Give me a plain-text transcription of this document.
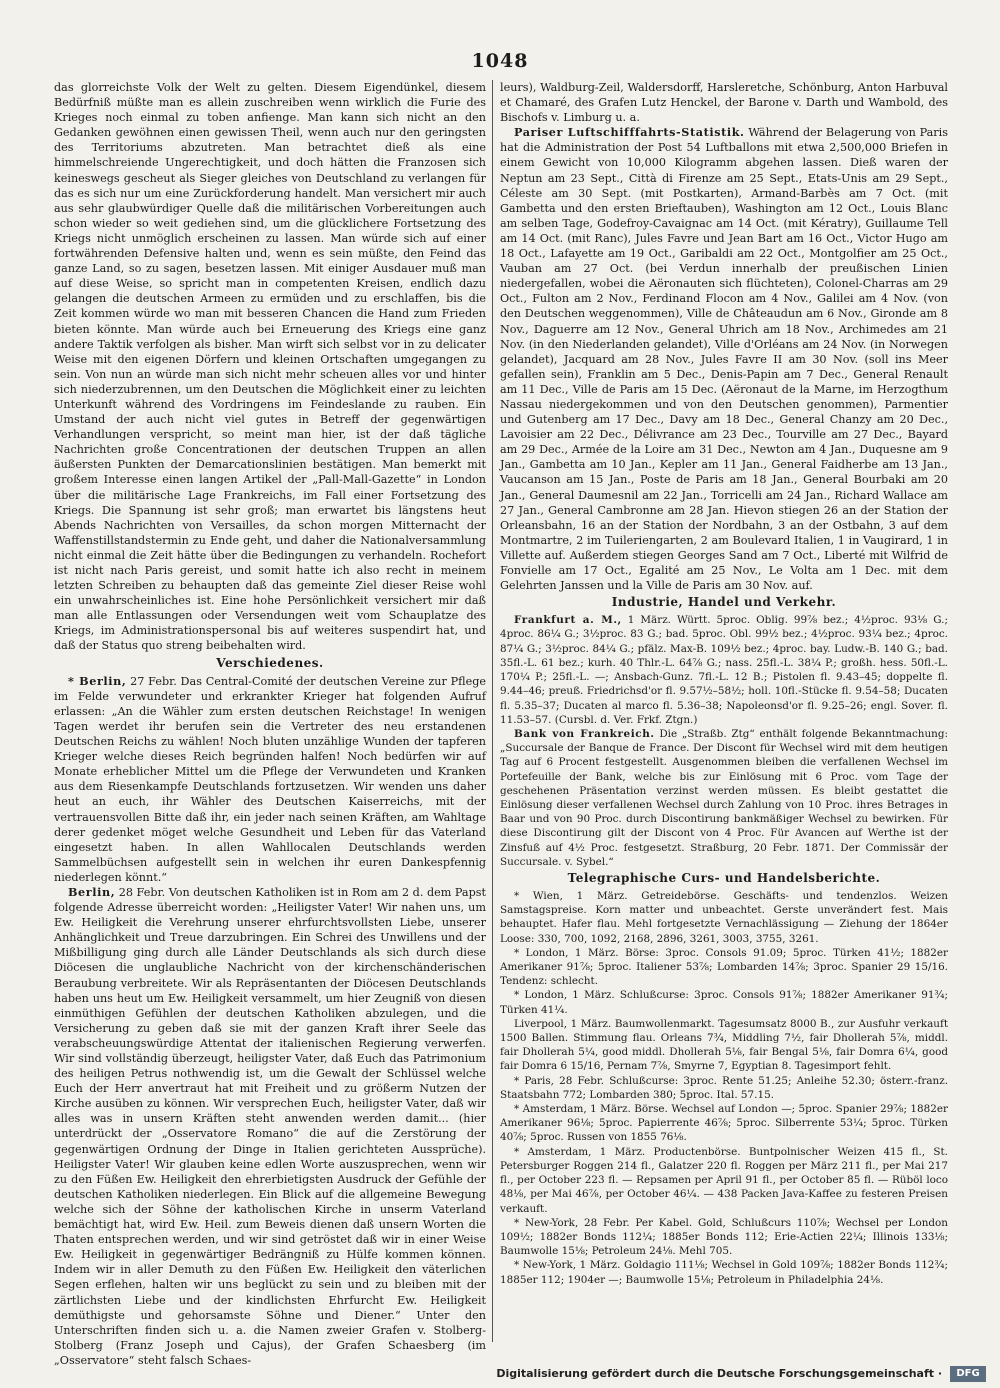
1048

das glorreichste Volk der Welt zu gelten. Diesem Eigendünkel, diesem Bedürfniß müßte man es allein zuschreiben wenn wirklich die Furie des Krieges noch einmal zu toben anfienge. Man kann sich nicht an den Gedanken gewöhnen einen gewissen Theil, wenn auch nur den geringsten des Territoriums abzutreten. Man betrachtet dieß als eine himmelschreiende Ungerechtigkeit, und doch hätten die Franzosen sich keineswegs gescheut als Sieger gleiches von Deutschland zu verlangen für das es sich nur um eine Zurückforderung handelt. Man versichert mir auch aus sehr glaubwürdiger Quelle daß die militärischen Vorbereitungen auch schon wieder so weit gediehen sind, um die glücklichere Fortsetzung des Kriegs nicht unmöglich erscheinen zu lassen. Man würde sich auf einer fortwährenden Defensive halten und, wenn es sein müßte, den Feind das ganze Land, so zu sagen, besetzen lassen. Mit einiger Ausdauer muß man auf diese Weise, so spricht man in competenten Kreisen, endlich dazu gelangen die deutschen Armeen zu ermüden und zu erschlaffen, bis die Zeit kommen würde wo man mit besseren Chancen die Hand zum Frieden bieten könnte. Man würde auch bei Erneuerung des Kriegs eine ganz andere Taktik verfolgen als bisher. Man wirft sich selbst vor in zu delicater Weise mit den eigenen Dörfern und kleinen Ortschaften umgegangen zu sein. Von nun an würde man sich nicht mehr scheuen alles vor und hinter sich niederzubrennen, um den Deutschen die Möglichkeit einer zu leichten Unterkunft während des Vordringens im Feindeslande zu rauben. Ein Umstand der auch nicht viel gutes in Betreff der gegenwärtigen Verhandlungen verspricht, so meint man hier, ist der daß tägliche Nachrichten große Concentrationen der deutschen Truppen an allen äußersten Punkten der Demarcationslinien bestätigen. Man bemerkt mit großem Interesse einen langen Artikel der „Pall-Mall-Gazette“ in London über die militärische Lage Frankreichs, im Fall einer Fortsetzung des Kriegs. Die Spannung ist sehr groß; man erwartet bis längstens heut Abends Nachrichten von Versailles, da schon morgen Mitternacht der Waffenstillstandstermin zu Ende geht, und daher die Nationalversammlung nicht einmal die Zeit hätte über die Bedingungen zu verhandeln. Rochefort ist nicht nach Paris gereist, und somit hatte ich also recht in meinem letzten Schreiben zu behaupten daß das gemeinte Ziel dieser Reise wohl ein unwahrscheinliches ist. Eine hohe Persönlichkeit versichert mir daß man alle Entlassungen oder Versendungen weit vom Schauplatze des Kriegs, im Administrationspersonal bis auf weiteres suspendirt hat, und daß der Status quo streng beibehalten wird.

Verschiedenes.

* Berlin, 27 Febr. Das Central-Comité der deutschen Vereine zur Pflege im Felde verwundeter und erkrankter Krieger hat folgenden Aufruf erlassen: „An die Wähler zum ersten deutschen Reichstage! In wenigen Tagen werdet ihr berufen sein die Vertreter des neu erstandenen Deutschen Reichs zu wählen! Noch bluten unzählige Wunden der tapferen Krieger welche dieses Reich begründen halfen! Noch bedürfen wir auf Monate erheblicher Mittel um die Pflege der Verwundeten und Kranken aus dem Riesenkampfe Deutschlands fortzusetzen. Wir wenden uns daher heut an euch, ihr Wähler des Deutschen Kaiserreichs, mit der vertrauensvollen Bitte daß ihr, ein jeder nach seinen Kräften, am Wahltage derer gedenket möget welche Gesundheit und Leben für das Vaterland eingesetzt haben. In allen Wahllocalen Deutschlands werden Sammelbüchsen aufgestellt sein in welchen ihr euren Dankespfennig niederlegen könnt.“

Berlin, 28 Febr. Von deutschen Katholiken ist in Rom am 2 d. dem Papst folgende Adresse überreicht worden: „Heiligster Vater! Wir nahen uns, um Ew. Heiligkeit die Verehrung unserer ehrfurchtsvollsten Liebe, unserer Anhänglichkeit und Treue darzubringen. Ein Schrei des Unwillens und der Mißbilligung ging durch alle Länder Deutschlands als sich durch diese Diöcesen die unglaubliche Nachricht von der kirchenschänderischen Beraubung verbreitete. Wir als Repräsentanten der Diöcesen Deutschlands haben uns heut um Ew. Heiligkeit versammelt, um hier Zeugniß von diesen einmüthigen Gefühlen der deutschen Katholiken abzulegen, und die Versicherung zu geben daß sie mit der ganzen Kraft ihrer Seele das verabscheuungswürdige Attentat der italienischen Regierung verwerfen. Wir sind vollständig überzeugt, heiligster Vater, daß Euch das Patrimonium des heiligen Petrus nothwendig ist, um die Gewalt der Schlüssel welche Euch der Herr anvertraut hat mit Freiheit und zu größerm Nutzen der Kirche ausüben zu können. Wir versprechen Euch, heiligster Vater, daß wir alles was in unsern Kräften steht anwenden werden damit... (hier unterdrückt der „Osservatore Romano“ die auf die Zerstörung der gegenwärtigen Ordnung der Dinge in Italien gerichteten Aussprüche). Heiligster Vater! Wir glauben keine edlen Worte auszusprechen, wenn wir zu den Füßen Ew. Heiligkeit den ehrerbietigsten Ausdruck der Gefühle der deutschen Katholiken niederlegen. Ein Blick auf die allgemeine Bewegung welche sich der Söhne der katholischen Kirche in unserm Vaterland bemächtigt hat, wird Ew. Heil. zum Beweis dienen daß unsern Worten die Thaten entsprechen werden, und wir sind getröstet daß wir in einer Weise Ew. Heiligkeit in gegenwärtiger Bedrängniß zu Hülfe kommen können. Indem wir in aller Demuth zu den Füßen Ew. Heiligkeit den väterlichen Segen erflehen, halten wir uns beglückt zu sein und zu bleiben mit der zärtlichsten Liebe und der kindlichsten Ehrfurcht Ew. Heiligkeit demüthigste und gehorsamste Söhne und Diener.“ Unter den Unterschriften finden sich u. a. die Namen zweier Grafen v. Stolberg-Stolberg (Franz Joseph und Cajus), der Grafen Schaesberg (im „Osservatore“ steht falsch Schaes-

leurs), Waldburg-Zeil, Waldersdorff, Harsleretche, Schönburg, Anton Harbuval et Chamaré, des Grafen Lutz Henckel, der Barone v. Darth und Wambold, des Bischofs v. Limburg u. a.

Pariser Luftschifffahrts-Statistik. Während der Belagerung von Paris hat die Administration der Post 54 Luftballons mit etwa 2,500,000 Briefen in einem Gewicht von 10,000 Kilogramm abgehen lassen. Dieß waren der Neptun am 23 Sept., Città di Firenze am 25 Sept., Etats-Unis am 29 Sept., Céleste am 30 Sept. (mit Postkarten), Armand-Barbès am 7 Oct. (mit Gambetta und den ersten Brieftauben), Washington am 12 Oct., Louis Blanc am selben Tage, Godefroy-Cavaignac am 14 Oct. (mit Kératry), Guillaume Tell am 14 Oct. (mit Ranc), Jules Favre und Jean Bart am 16 Oct., Victor Hugo am 18 Oct., Lafayette am 19 Oct., Garibaldi am 22 Oct., Montgolfier am 25 Oct., Vauban am 27 Oct. (bei Verdun innerhalb der preußischen Linien niedergefallen, wobei die Aëronauten sich flüchteten), Colonel-Charras am 29 Oct., Fulton am 2 Nov., Ferdinand Flocon am 4 Nov., Galilei am 4 Nov. (von den Deutschen weggenommen), Ville de Châteaudun am 6 Nov., Gironde am 8 Nov., Daguerre am 12 Nov., General Uhrich am 18 Nov., Archimedes am 21 Nov. (in den Niederlanden gelandet), Ville d'Orléans am 24 Nov. (in Norwegen gelandet), Jacquard am 28 Nov., Jules Favre II am 30 Nov. (soll ins Meer gefallen sein), Franklin am 5 Dec., Denis-Papin am 7 Dec., General Renault am 11 Dec., Ville de Paris am 15 Dec. (Aëronaut de la Marne, im Herzogthum Nassau niedergekommen und von den Deutschen genommen), Parmentier und Gutenberg am 17 Dec., Davy am 18 Dec., General Chanzy am 20 Dec., Lavoisier am 22 Dec., Délivrance am 23 Dec., Tourville am 27 Dec., Bayard am 29 Dec., Armée de la Loire am 31 Dec., Newton am 4 Jan., Duquesne am 9 Jan., Gambetta am 10 Jan., Kepler am 11 Jan., General Faidherbe am 13 Jan., Vaucanson am 15 Jan., Poste de Paris am 18 Jan., General Bourbaki am 20 Jan., General Daumesnil am 22 Jan., Torricelli am 24 Jan., Richard Wallace am 27 Jan., General Cambronne am 28 Jan. Hievon stiegen 26 an der Station der Orleansbahn, 16 an der Station der Nordbahn, 3 an der Ostbahn, 3 auf dem Montmartre, 2 im Tuileriengarten, 2 am Boulevard Italien, 1 in Vaugirard, 1 in Villette auf. Außerdem stiegen Georges Sand am 7 Oct., Liberté mit Wilfrid de Fonvielle am 17 Oct., Egalité am 25 Nov., Le Volta am 1 Dec. mit dem Gelehrten Janssen und la Ville de Paris am 30 Nov. auf.

Industrie, Handel und Verkehr.

Frankfurt a. M., 1 März. Württ. 5proc. Oblig. 99⅞ bez.; 4½proc. 93⅛ G.; 4proc. 86¼ G.; 3½proc. 83 G.; bad. 5proc. Obl. 99½ bez.; 4½proc. 93¼ bez.; 4proc. 87¼ G.; 3½proc. 84¼ G.; pfälz. Max-B. 109½ bez.; 4proc. bay. Ludw.-B. 140 G.; bad. 35fl.-L. 61 bez.; kurh. 40 Thlr.-L. 64⅞ G.; nass. 25fl.-L. 38¼ P.; großh. hess. 50fl.-L. 170¼ P.; 25fl.-L. —; Ansbach-Gunz. 7fl.-L. 12 B.; Pistolen fl. 9.43–45; doppelte fl. 9.44–46; preuß. Friedrichsd'or fl. 9.57½–58½; holl. 10fl.-Stücke fl. 9.54–58; Ducaten fl. 5.35–37; Ducaten al marco fl. 5.36–38; Napoleonsd'or fl. 9.25–26; engl. Sover. fl. 11.53–57. (Cursbl. d. Ver. Frkf. Ztgn.)

Bank von Frankreich. Die „Straßb. Ztg“ enthält folgende Bekanntmachung: „Succursale der Banque de France. Der Discont für Wechsel wird mit dem heutigen Tag auf 6 Procent festgestellt. Ausgenommen bleiben die verfallenen Wechsel im Portefeuille der Bank, welche bis zur Einlösung mit 6 Proc. vom Tage der geschehenen Präsentation verzinst werden müssen. Es bleibt gestattet die Einlösung dieser verfallenen Wechsel durch Zahlung von 10 Proc. ihres Betrages in Baar und von 90 Proc. durch Discontirung bankmäßiger Wechsel zu bewirken. Für diese Discontirung gilt der Discont von 4 Proc. Für Avancen auf Werthe ist der Zinsfuß auf 4½ Proc. festgesetzt. Straßburg, 20 Febr. 1871. Der Commissär der Succursale. v. Sybel.“

Telegraphische Curs- und Handelsberichte.

* Wien, 1 März. Getreidebörse. Geschäfts- und tendenzlos. Weizen Samstagspreise. Korn matter und unbeachtet. Gerste unverändert fest. Mais behauptet. Hafer flau. Mehl fortgesetzte Vernachlässigung — Ziehung der 1864er Loose: 330, 700, 1092, 2168, 2896, 3261, 3003, 3755, 3261.

* London, 1 März. Börse: 3proc. Consols 91.09; 5proc. Türken 41½; 1882er Amerikaner 91⅞; 5proc. Italiener 53⅞; Lombarden 14⅞; 3proc. Spanier 29 15/16. Tendenz: schlecht.

* London, 1 März. Schlußcurse: 3proc. Consols 91⅞; 1882er Amerikaner 91¾; Türken 41¼.

Liverpool, 1 März. Baumwollenmarkt. Tagesumsatz 8000 B., zur Ausfuhr verkauft 1500 Ballen. Stimmung flau. Orleans 7¾, Middling 7½, fair Dhollerah 5⅞, middl. fair Dhollerah 5¼, good middl. Dhollerah 5⅛, fair Bengal 5⅛, fair Domra 6¼, good fair Domra 6 15/16, Pernam 7⅞, Smyrne 7, Egyptian 8. Tagesimport fehlt.

* Paris, 28 Febr. Schlußcurse: 3proc. Rente 51.25; Anleihe 52.30; österr.-franz. Staatsbahn 772; Lombarden 380; 5proc. Ital. 57.15.

* Amsterdam, 1 März. Börse. Wechsel auf London —; 5proc. Spanier 29⅞; 1882er Amerikaner 96⅛; 5proc. Papierrente 46⅞; 5proc. Silberrente 53¼; 5proc. Türken 40⅞; 5proc. Russen von 1855 76⅛.

* Amsterdam, 1 März. Productenbörse. Buntpolnischer Weizen 415 fl., St. Petersburger Roggen 214 fl., Galatzer 220 fl. Roggen per März 211 fl., per Mai 217 fl., per October 223 fl. — Repsamen per April 91 fl., per October 85 fl. — Rüböl loco 48⅛, per Mai 46⅞, per October 46¼. — 438 Packen Java-Kaffee zu festeren Preisen verkauft.

* New-York, 28 Febr. Per Kabel. Gold, Schlußcurs 110⅞; Wechsel per London 109½; 1882er Bonds 112¼; 1885er Bonds 112; Erie-Actien 22¼; Illinois 133⅛; Baumwolle 15⅛; Petroleum 24⅛. Mehl 705.

* New-York, 1 März. Goldagio 111⅛; Wechsel in Gold 109⅞; 1882er Bonds 112¾; 1885er 112; 1904er —; Baumwolle 15⅛; Petroleum in Philadelphia 24⅛.

Digitalisierung gefördert durch die Deutsche Forschungsgemeinschaft ·	DFG
